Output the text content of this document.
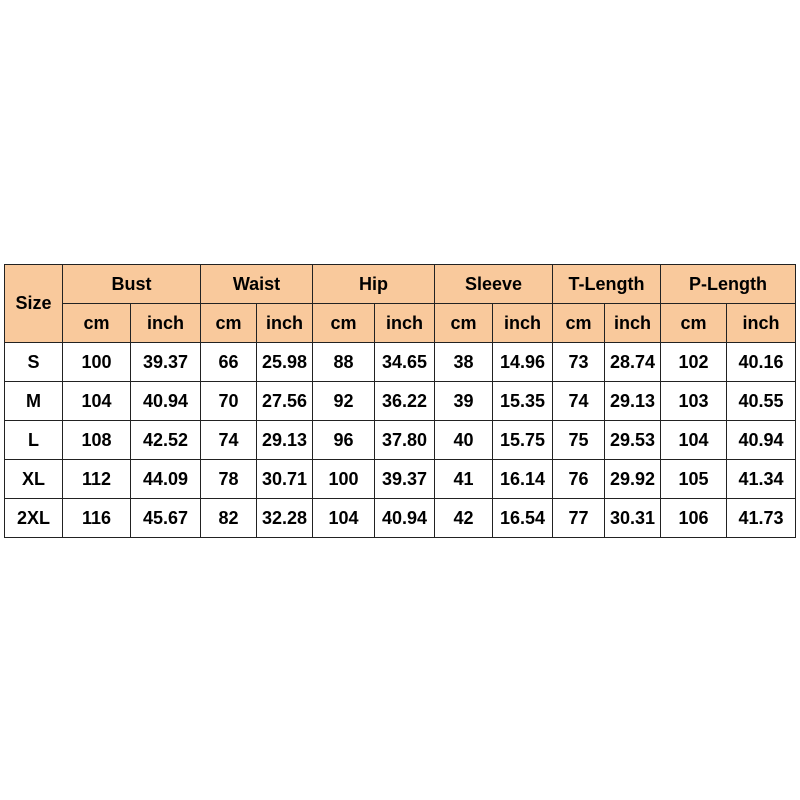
Size	Bust		Waist		Hip		Sleeve		T-Length		P-Length	
	cm	inch	cm	inch	cm	inch	cm	inch	cm	inch	cm	inch
S	100	39.37	66	25.98	88	34.65	38	14.96	73	28.74	102	40.16
M	104	40.94	70	27.56	92	36.22	39	15.35	74	29.13	103	40.55
L	108	42.52	74	29.13	96	37.80	40	15.75	75	29.53	104	40.94
XL	112	44.09	78	30.71	100	39.37	41	16.14	76	29.92	105	41.34
2XL	116	45.67	82	32.28	104	40.94	42	16.54	77	30.31	106	41.73
